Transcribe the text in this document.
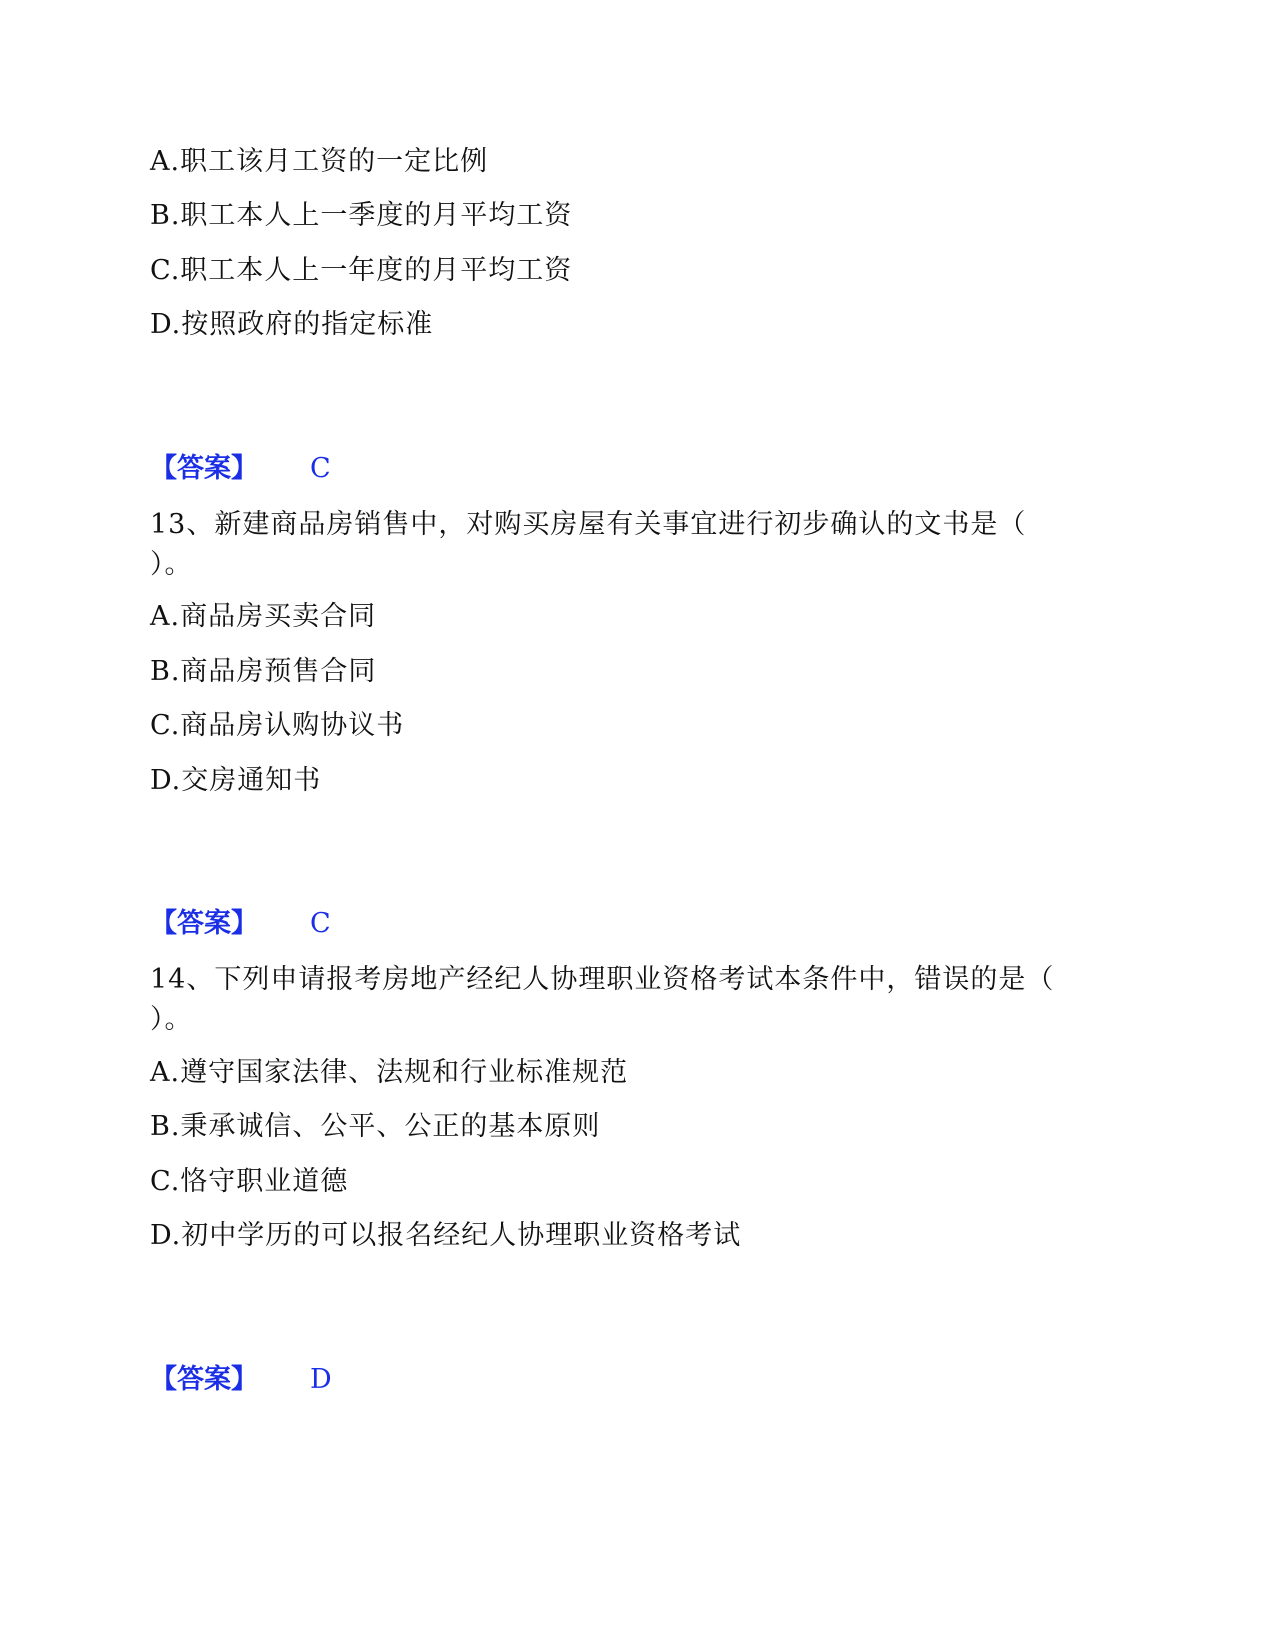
A.职工该月工资的一定比例
B.职工本人上一季度的月平均工资
C.职工本人上一年度的月平均工资
D.按照政府的指定标准
【答案】 C
13、新建商品房销售中，对购买房屋有关事宜进行初步确认的文书是（
）。
A.商品房买卖合同
B.商品房预售合同
C.商品房认购协议书
D.交房通知书
【答案】 C
14、下列申请报考房地产经纪人协理职业资格考试本条件中，错误的是（
）。
A.遵守国家法律、法规和行业标准规范
B.秉承诚信、公平、公正的基本原则
C.恪守职业道德
D.初中学历的可以报名经纪人协理职业资格考试
【答案】 D
